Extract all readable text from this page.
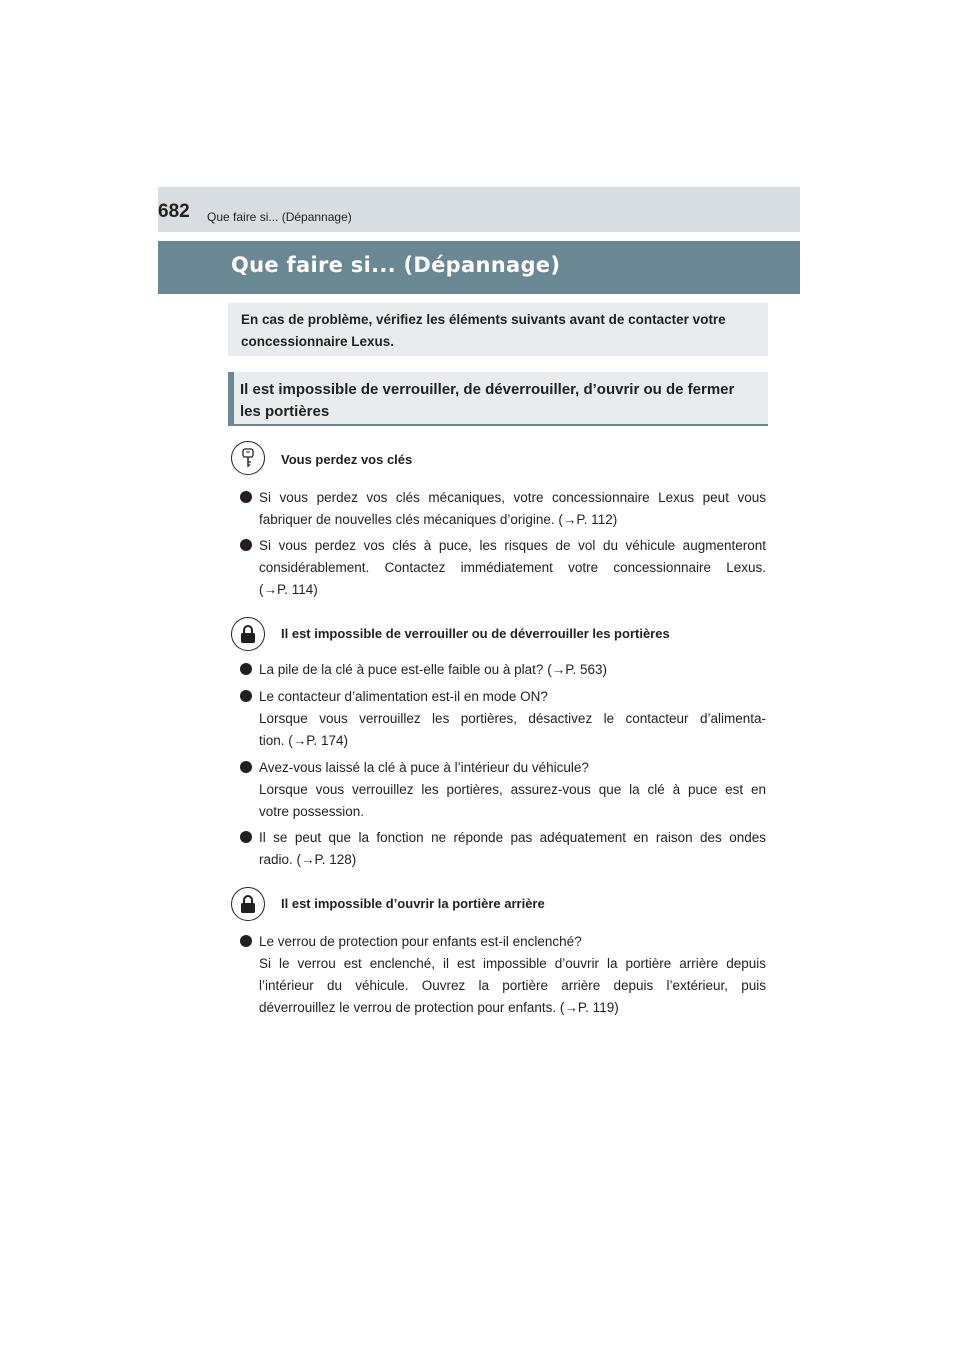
682 Que faire si... (Dépannage)
Que faire si... (Dépannage)
En cas de problème, vérifiez les éléments suivants avant de contacter votre
concessionnaire Lexus.
Il est impossible de verrouiller, de déverrouiller, d’ouvrir ou de fermer
les portières
Vous perdez vos clés
Si vous perdez vos clés mécaniques, votre concessionnaire Lexus peut vous
fabriquer de nouvelles clés mécaniques d’origine. (→P. 112)
Si vous perdez vos clés à puce, les risques de vol du véhicule augmenteront
considérablement. Contactez immédiatement votre concessionnaire Lexus.
(→P. 114)
Il est impossible de verrouiller ou de déverrouiller les portières
La pile de la clé à puce est-elle faible ou à plat? (→P. 563)
Le contacteur d’alimentation est-il en mode ON?
Lorsque vous verrouillez les portières, désactivez le contacteur d’alimenta-
tion. (→P. 174)
Avez-vous laissé la clé à puce à l’intérieur du véhicule?
Lorsque vous verrouillez les portières, assurez-vous que la clé à puce est en
votre possession.
Il se peut que la fonction ne réponde pas adéquatement en raison des ondes
radio. (→P. 128)
Il est impossible d’ouvrir la portière arrière
Le verrou de protection pour enfants est-il enclenché?
Si le verrou est enclenché, il est impossible d’ouvrir la portière arrière depuis
l’intérieur du véhicule. Ouvrez la portière arrière depuis l’extérieur, puis
déverrouillez le verrou de protection pour enfants. (→P. 119)
